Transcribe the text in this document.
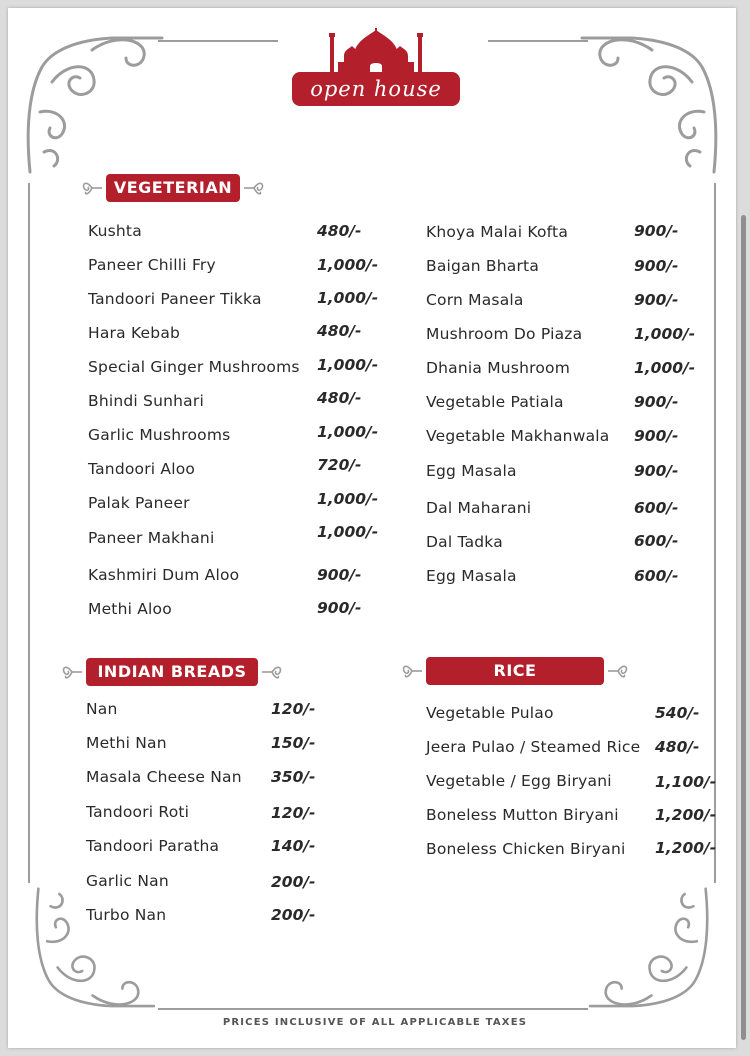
open house
VEGETERIAN
INDIAN BREADS	RICE
Kushta	480/-
Paneer Chilli Fry	1,000/-
Tandoori Paneer Tikka	1,000/-
Hara Kebab	480/-
Special Ginger Mushrooms 1,000/-
Bhindi Sunhari	480/-
Garlic Mushrooms	1,000/-
Tandoori Aloo	720/-
Palak Paneer	1,000/-
Paneer Makhani	1,000/-
Kashmiri Dum Aloo	900/-
Methi Aloo	900/-
Khoya Malai Kofta	900/-
Baigan Bharta	900/-
Corn Masala	900/-
Mushroom Do Piaza	1,000/-
Dhania Mushroom	1,000/-
Vegetable Patiala	900/-
Vegetable Makhanwala 900/-
Egg Masala	900/-
Dal Maharani	600/-
Dal Tadka	600/-
Egg Masala	600/-
Nan	120/-
Methi Nan	150/-
Masala Cheese Nan 350/-
Tandoori Roti	120/-
Tandoori Paratha	140/-
Garlic Nan	200/-
Turbo Nan	200/-
Vegetable Pulao	540/-
Jeera Pulao / Steamed Rice 480/-
Vegetable / Egg Biryani	1,100/-
Boneless Mutton Biryani 1,200/-
Boneless Chicken Biryani 1,200/-
PRICES INCLUSIVE OF ALL APPLICABLE TAXES
